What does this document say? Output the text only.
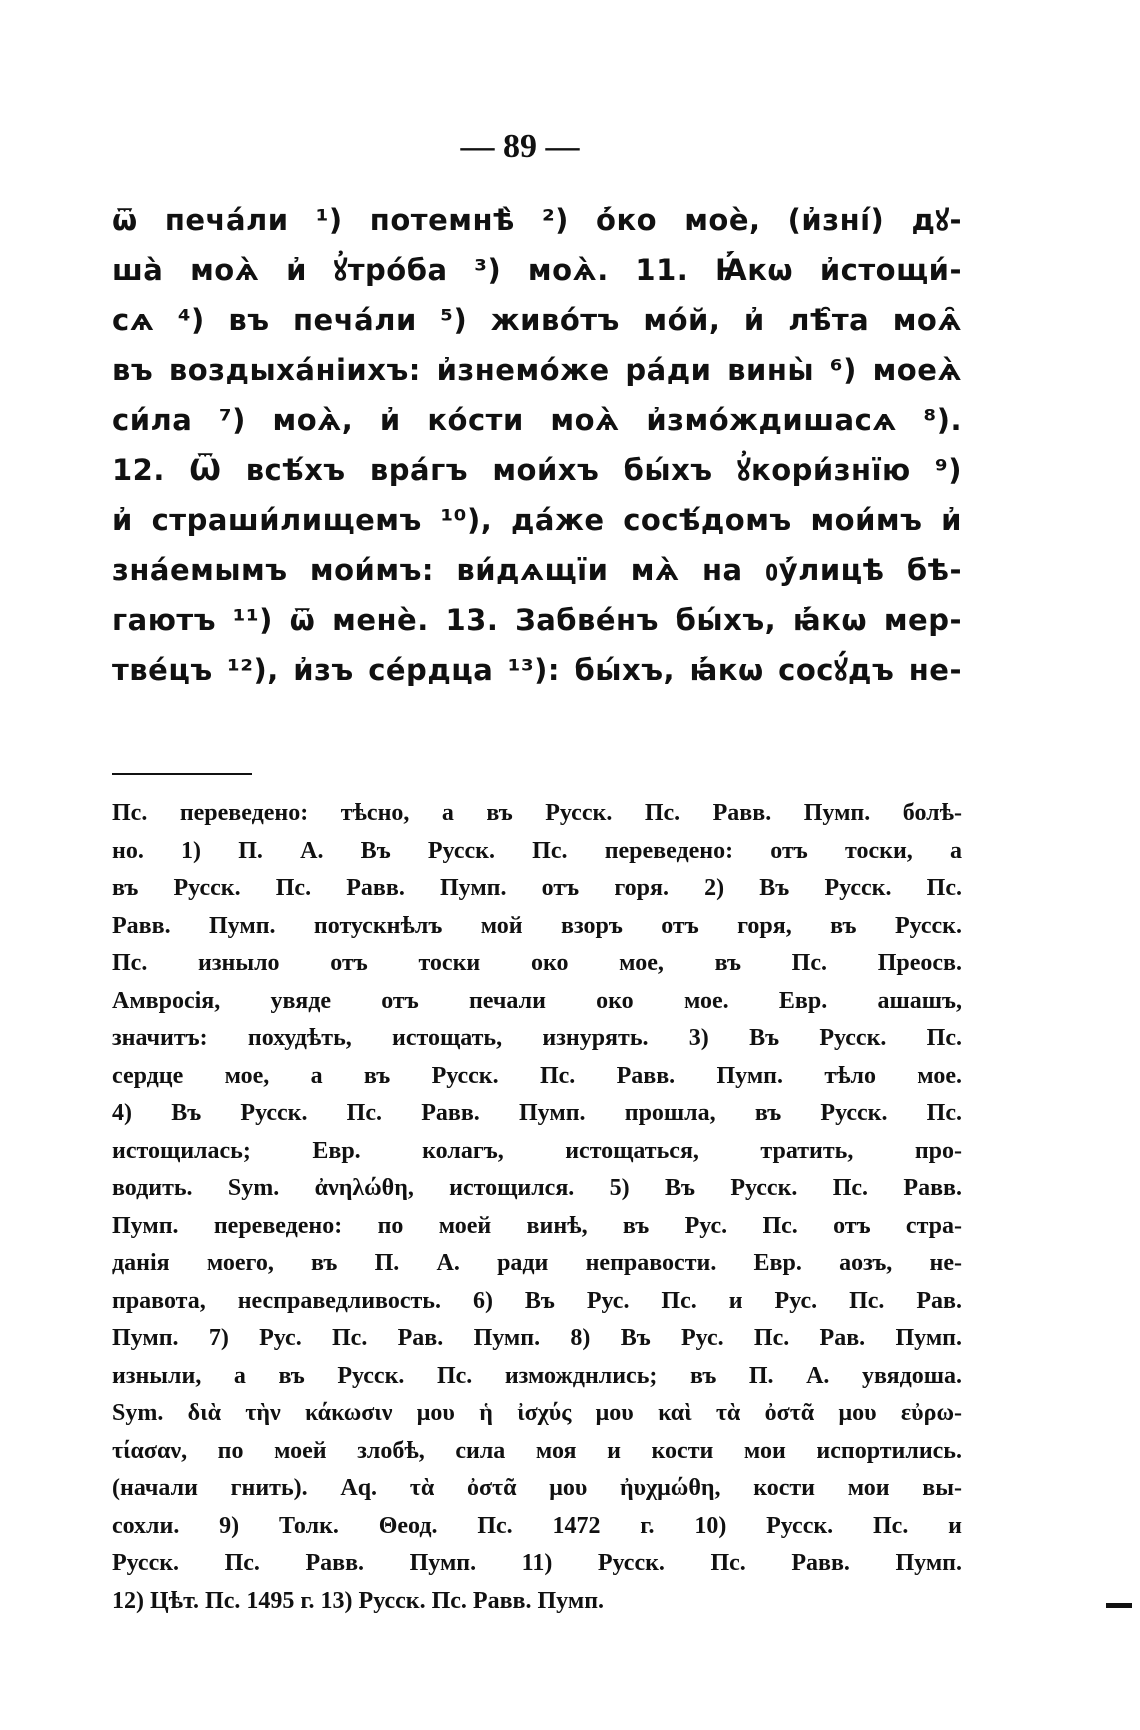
— 89 —
ѿ печа́ли ¹) потемнѣ̀ ²) о҆́ко моѐ, (и҆зні́) дꙋ-
ша̀ моѧ̀ и҆ ꙋ҆тро́ба ³) моѧ̀. 11. Ꙗ҆́кѡ и҆стощи́-
сѧ ⁴) въ печа́ли ⁵) живо́тъ мо́й, и҆ лѣ̑та моѧ̑
въ воздыха́ніихъ: и҆знемо́же ра́ди вины̀ ⁶) моеѧ̀
си́ла ⁷) моѧ̀, и҆ ко́сти моѧ̀ и҆змо́ждишасѧ ⁸).
12. Ѿ всѣ́хъ вра́гъ мои́хъ бы́хъ ꙋ҆кори́знїю ⁹)
и҆ страши́лищемъ ¹⁰), да́же сосѣ́домъ мои́мъ и҆
зна́емымъ мои́мъ: ви́дѧщїи мѧ̀ на ᲂу҆́лицѣ бѣ-
гаютъ ¹¹) ѿ менѐ. 13. Забве́нъ бы́хъ, ꙗ҆́кѡ мер-
тве́цъ ¹²), и҆зъ се́рдца ¹³): бы́хъ, ꙗ҆́кѡ сосꙋ́дъ не-
Пс. переведено: тѣсно, а въ Русск. Пс. Равв. Пумп. болѣ-
но. 1) П. А. Въ Русск. Пс. переведено: отъ тоски, а
въ Русск. Пс. Равв. Пумп. отъ горя. 2) Въ Русск. Пс.
Равв. Пумп. потускнѣлъ мой взоръ отъ горя, въ Русск.
Пс. изныло отъ тоски око мое, въ Пс. Преосв.
Амвросія, увяде отъ печали око мое. Евр. ашашъ,
значитъ: похудѣть, истощать, изнурять. 3) Въ Русск. Пс.
сердце мое, а въ Русск. Пс. Равв. Пумп. тѣло мое.
4) Въ Русск. Пс. Равв. Пумп. прошла, въ Русск. Пс.
истощилась; Евр. колагъ, истощаться, тратить, про-
водить. Sym. ἀνηλώθη, истощился. 5) Въ Русск. Пс. Равв.
Пумп. переведено: по моей винѣ, въ Рус. Пс. отъ стра-
данія моего, въ П. А. ради неправости. Евр. аозъ, не-
правота, несправедливость. 6) Въ Рус. Пс. и Рус. Пс. Рав.
Пумп. 7) Рус. Пс. Рав. Пумп. 8) Въ Рус. Пс. Рав. Пумп.
изныли, а въ Русск. Пс. изможднлись; въ П. А. увядоша.
Sym. διὰ τὴν κάκωσιν μου ἡ ἰσχύς μου καὶ τὰ ὀστᾶ μου εὐρω-
τίασαν, по моей злобѣ, сила моя и кости мои испортились.
(начали гнить). Aq. τὰ ὀστᾶ μου ἠυχμώθη, кости мои вы-
сохли. 9) Толк. Θеод. Пс. 1472 г. 10) Русск. Пс. и
Русск. Пс. Равв. Пумп. 11) Русск. Пс. Равв. Пумп.
12) Цѣт. Пс. 1495 г. 13) Русск. Пс. Равв. Пумп.
